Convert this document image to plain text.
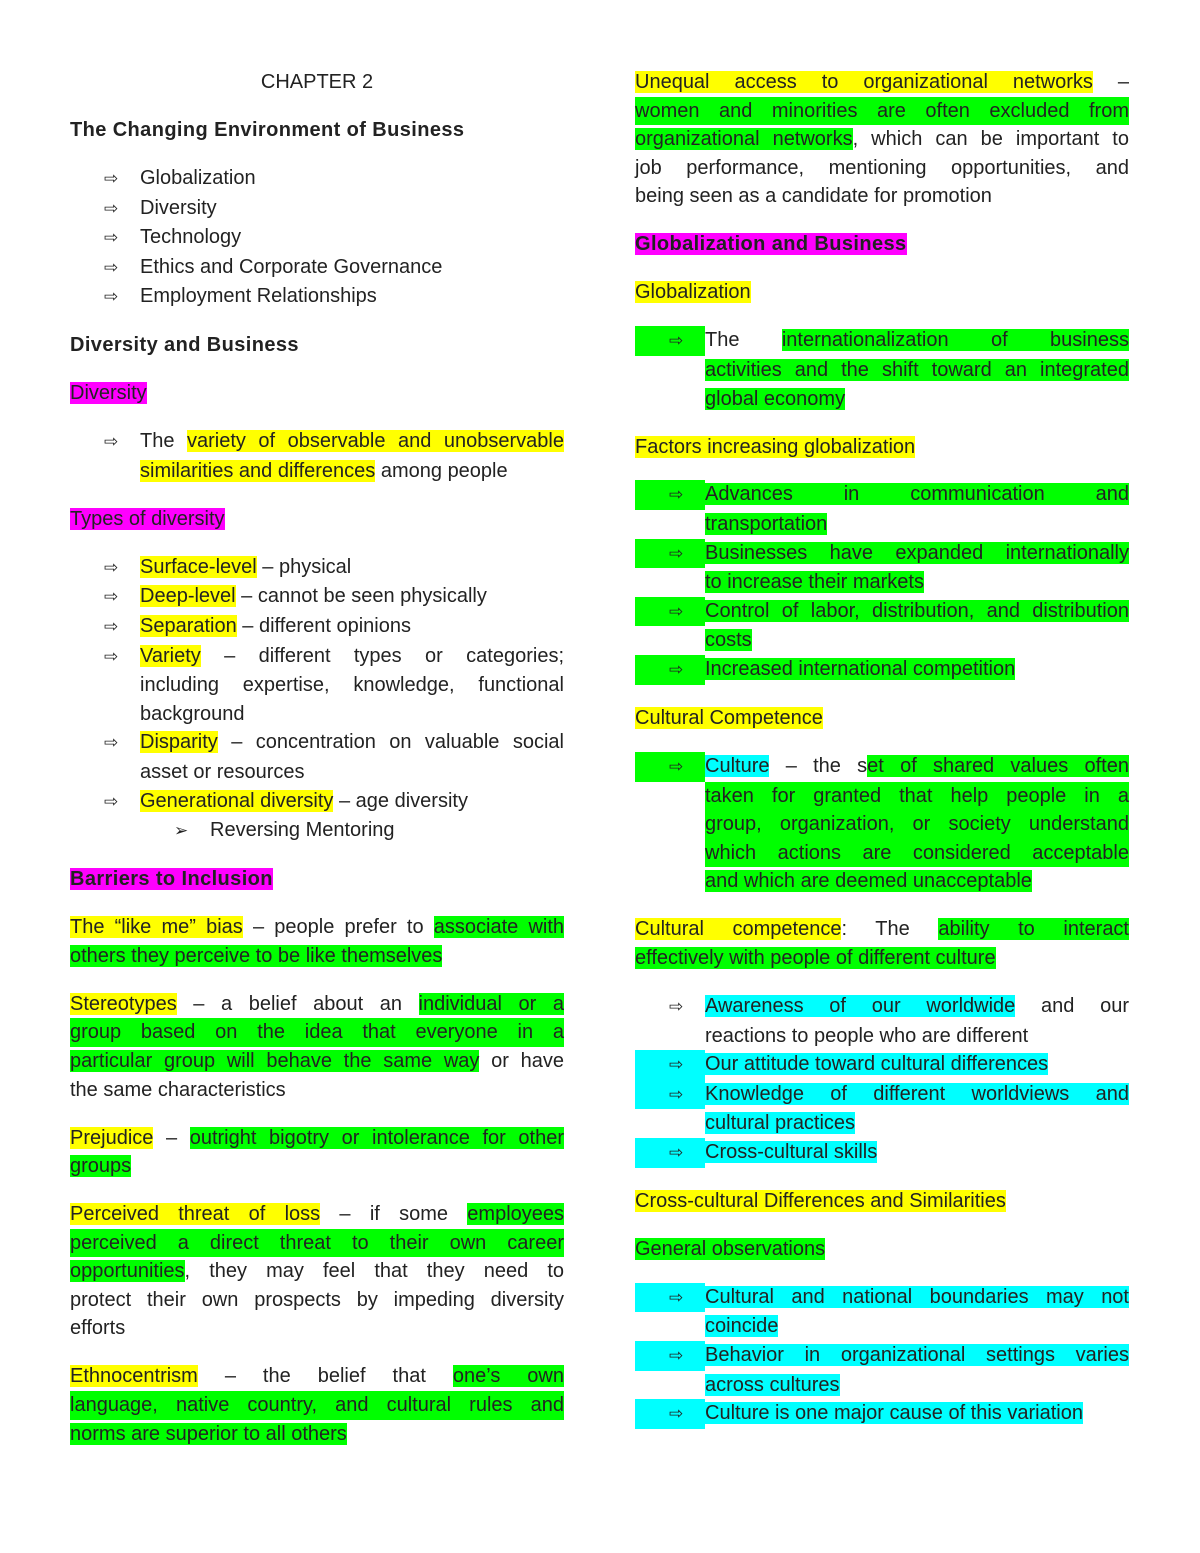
CHAPTER 2
The Changing Environment of Business
⇨ Globalization
⇨ Diversity
⇨ Technology
⇨ Ethics and Corporate Governance
⇨ Employment Relationships
Diversity and Business
Diversity
⇨ The variety of observable and unobservable
similarities and differences among people
Types of diversity
⇨ Surface-level – physical
⇨ Deep-level – cannot be seen physically
⇨ Separation – different opinions
⇨ Variety – different types or categories;
including expertise, knowledge, functional
background
⇨ Disparity – concentration on valuable social
asset or resources
⇨ Generational diversity – age diversity
➢ Reversing Mentoring
Barriers to Inclusion
The “like me” bias – people prefer to associate with
others they perceive to be like themselves
Stereotypes – a belief about an individual or a
group based on the idea that everyone in a
particular group will behave the same way or have
the same characteristics
Prejudice – outright bigotry or intolerance for other
groups
Perceived threat of loss – if some employees
perceived a direct threat to their own career
opportunities, they may feel that they need to
protect their own prospects by impeding diversity
efforts
Ethnocentrism – the belief that one’s own
language, native country, and cultural rules and
norms are superior to all others
Unequal access to organizational networks –
women and minorities are often excluded from
organizational networks, which can be important to
job performance, mentioning opportunities, and
being seen as a candidate for promotion
Globalization and Business
Globalization
⇨ The internationalization of business
activities and the shift toward an integrated
global economy
Factors increasing globalization
⇨ Advances in communication and
transportation
⇨ Businesses have expanded internationally
to increase their markets
⇨ Control of labor, distribution, and distribution
costs
⇨ Increased international competition
Cultural Competence
⇨ Culture – the set of shared values often
taken for granted that help people in a
group, organization, or society understand
which actions are considered acceptable
and which are deemed unacceptable
Cultural competence: The ability to interact
effectively with people of different culture
⇨ Awareness of our worldwide and our
reactions to people who are different
⇨ Our attitude toward cultural differences
⇨ Knowledge of different worldviews and
cultural practices
⇨ Cross-cultural skills
Cross-cultural Differences and Similarities
General observations
⇨ Cultural and national boundaries may not
coincide
⇨ Behavior in organizational settings varies
across cultures
⇨ Culture is one major cause of this variation
